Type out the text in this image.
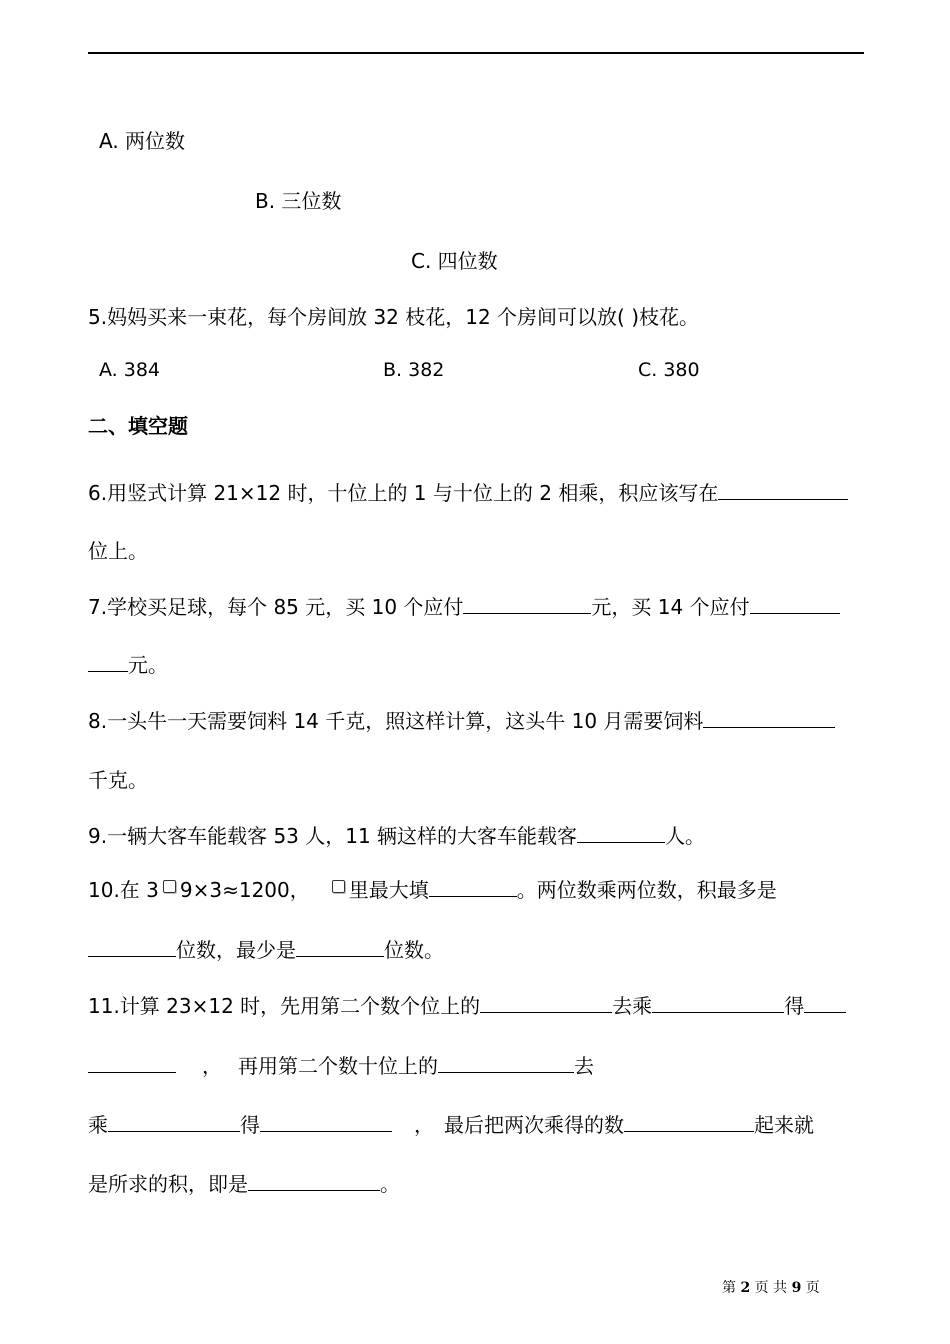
A. 两位数
B. 三位数
C. 四位数
5.妈妈买来一束花，每个房间放 32 枝花，12 个房间可以放( )枝花。
A. 384	B. 382	C. 380
二、填空题
6.用竖式计算 21×12 时，十位上的 1 与十位上的 2 相乘，积应该写在
位上。
7.学校买足球，每个 85 元，买 10 个应付	元，买 14 个应付
元。
8.一头牛一天需要饲料 14 千克，照这样计算，这头牛 10 月需要饲料
千克。
9.一辆大客车能载客 53 人，11 辆这样的大客车能载客	人。
10.在 3 9×3≈1200， 里最大填	。两位数乘两位数，积最多是
位数，最少是	位数。
11.计算 23×12 时，先用第二个数个位上的	去乘	得
， 再用第二个数十位上的	去
乘	得	， 最后把两次乘得的数	起来就
是所求的积，即是	。
第 2 页 共 9 页
